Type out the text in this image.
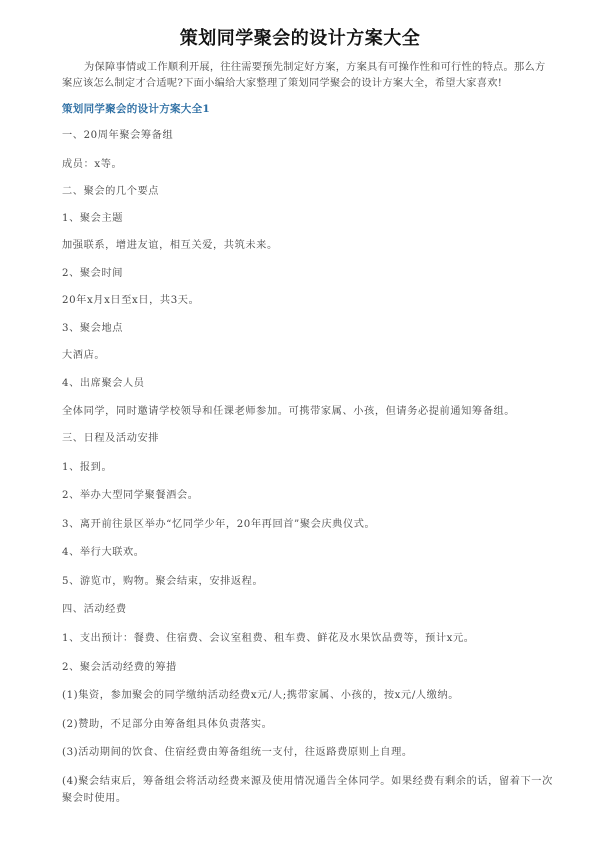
策划同学聚会的设计方案大全

为保障事情或工作顺利开展，往往需要预先制定好方案，方案具有可操作性和可行性的特点。那么方案应该怎么制定才合适呢?下面小编给大家整理了策划同学聚会的设计方案大全，希望大家喜欢!

策划同学聚会的设计方案大全1

一、20周年聚会筹备组

成员：x等。

二、聚会的几个要点

1、聚会主题

加强联系，增进友谊，相互关爱，共筑未来。

2、聚会时间

20年x月x日至x日，共3天。

3、聚会地点

大酒店。

4、出席聚会人员

全体同学，同时邀请学校领导和任课老师参加。可携带家属、小孩，但请务必提前通知筹备组。

三、日程及活动安排

1、报到。

2、举办大型同学聚餐酒会。

3、离开前往景区举办“忆同学少年，20年再回首”聚会庆典仪式。

4、举行大联欢。

5、游览市，购物。聚会结束，安排返程。

四、活动经费

1、支出预计：餐费、住宿费、会议室租费、租车费、鲜花及水果饮品费等，预计x元。

2、聚会活动经费的筹措

(1)集资，参加聚会的同学缴纳活动经费x元/人;携带家属、小孩的，按x元/人缴纳。

(2)赞助，不足部分由筹备组具体负责落实。

(3)活动期间的饮食、住宿经费由筹备组统一支付，往返路费原则上自理。

(4)聚会结束后，筹备组会将活动经费来源及使用情况通告全体同学。如果经费有剩余的话，留着下一次聚会时使用。
